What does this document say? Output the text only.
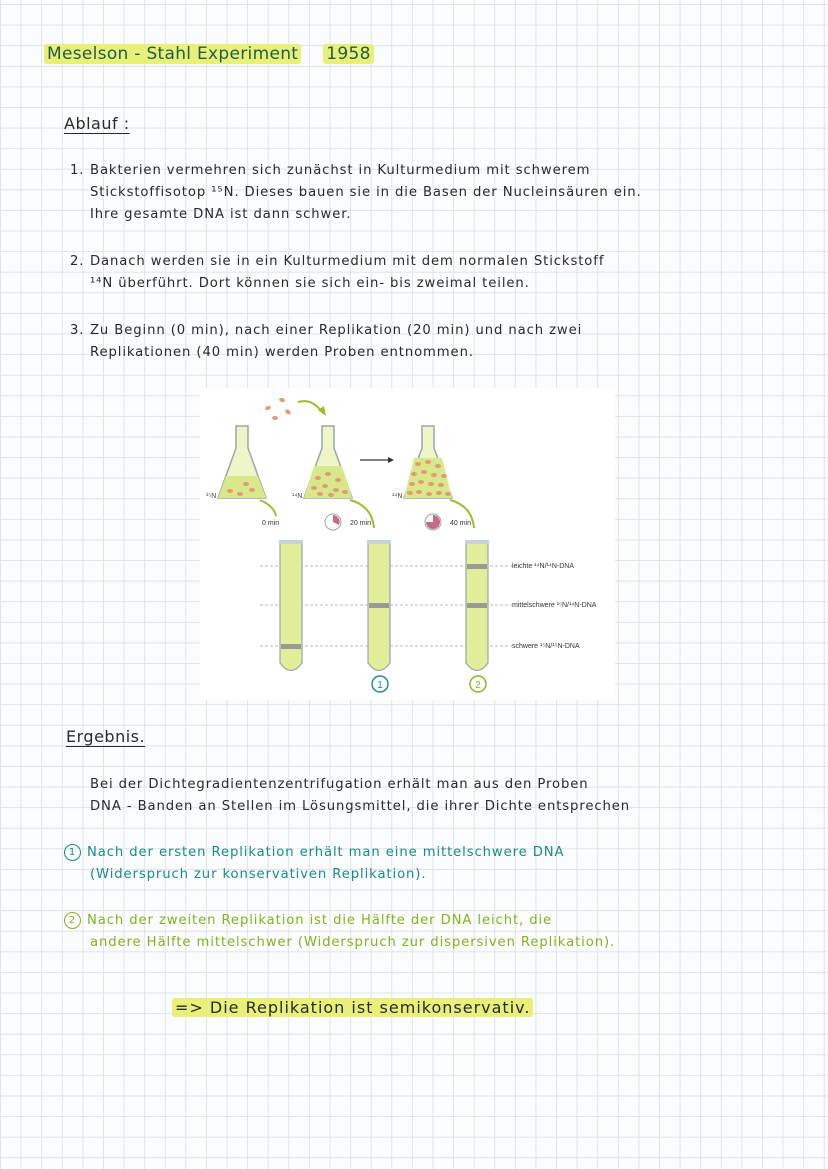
Meselson - Stahl Experiment 1958
Ablauf :
1. Bakterien vermehren sich zunächst in Kulturmedium mit schwerem
Stickstoffisotop ¹⁵N. Dieses bauen sie in die Basen der Nucleinsäuren ein.
Ihre gesamte DNA ist dann schwer.
2. Danach werden sie in ein Kulturmedium mit dem normalen Stickstoff
¹⁴N überführt. Dort können sie sich ein- bis zweimal teilen.
3. Zu Beginn (0 min), nach einer Replikation (20 min) und nach zwei
Replikationen (40 min) werden Proben entnommen.
¹⁵N	¹⁴N	¹⁴N
0 min	20 min	40 min
leichte ¹⁴N/¹⁴N-DNA
mittelschwere ¹⁵N/¹⁴N-DNA
schwere ¹⁵N/¹⁵N-DNA
1	2
Ergebnis.
Bei der Dichtegradientenzentrifugation erhält man aus den Proben
DNA - Banden an Stellen im Lösungsmittel, die ihrer Dichte entsprechen
1 Nach der ersten Replikation erhält man eine mittelschwere DNA
(Widerspruch zur konservativen Replikation).
2 Nach der zweiten Replikation ist die Hälfte der DNA leicht, die
andere Hälfte mittelschwer (Widerspruch zur dispersiven Replikation).
=> Die Replikation ist semikonservativ.
